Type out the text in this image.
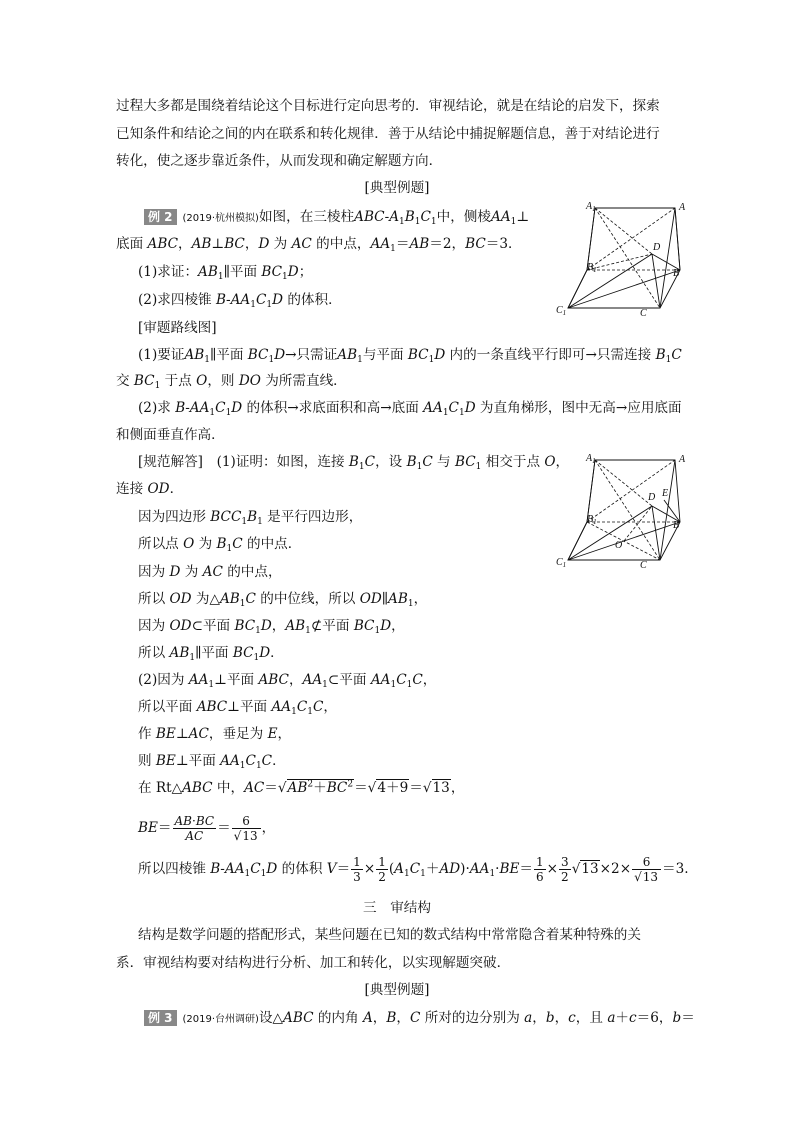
过程大多都是围绕着结论这个目标进行定向思考的．审视结论，就是在结论的启发下，探索
已知条件和结论之间的内在联系和转化规律．善于从结论中捕捉解题信息，善于对结论进行
转化，使之逐步靠近条件，从而发现和确定解题方向．
[典型例题]
例 2 (2019·杭州模拟)如图，在三棱柱ABC-$A_1B_1C_1$中，侧棱$AA_1\perp$
底面 ABC，AB⊥BC，D 为 AC 的中点，$AA_1=AB=2$，BC＝3．
(1)求证：$AB_1\parallel$平面 $BC_1D$；
(2)求四棱锥 $B-AA_1C_1D$ 的体积．
$A_1$	A
D
$B_1$	B
$C_1$	C
[审题路线图]
(1)要证$AB_1\parallel$平面 $BC_1D\to$只需证$AB_1$与平面 $BC_1D$ 内的一条直线平行即可→只需连接 $B_1C$
交 $BC_1$ 于点 O，则 DO 为所需直线．
(2)求 $B-AA_1C_1D$ 的体积→求底面积和高→底面 $AA_1C_1D$ 为直角梯形，图中无高→应用底面
和侧面垂直作高．
[规范解答]　 (1)证明：如图，连接 $B_1C$，设 $B_1C$ 与 $BC_1$ 相交于点 O，
连接 OD．
因为四边形 $BCC_1B_1$ 是平行四边形，
所以点 O 为 $B_1C$ 的中点．
因为 D 为 AC 的中点，
所以 OD 为$\triangle AB_1C$ 的中位线，所以 $OD\parallel AB_1$，
因为 OD⊂平面 $BC_1D$，$AB_1⊄$平面 $BC_1D$，
所以 $AB_1\parallel$平面 $BC_1D$．
(2)因为 $AA_1\perp$平面 ABC，$AA_1\subset$平面 $AA_1C_1C$，
所以平面 ABC⊥平面 $AA_1C_1C$，
作 BE⊥AC，垂足为 E，
则 BE⊥平面 $AA_1C_1C$．
在 Rt△ABC 中，$AC=√AB^2+BC^2=√4+9=√13$，
$BE= \frac{AB\cdot BC}{AC} = \frac{6}{√13}$ ，
所以四棱锥 $B-AA_1C_1D$ 的体积 $V= \frac{1}{3} \times \frac{1}{2} (A_1C_1+AD)\cdot AA_1\cdot BE= \frac{1}{6} \times \frac{3}{2} √13\times 2\times \frac{6}{√13} =3$.
$A_1$	A
D E
$B_1$	B
O
$C_1$	C
三　审结构
结构是数学问题的搭配形式，某些问题在已知的数式结构中常常隐含着某种特殊的关
系．审视结构要对结构进行分析、加工和转化，以实现解题突破．
[典型例题]
例 3 (2019·台州调研)设△ABC 的内角 A，B，C 所对的边分别为 a，b，c，且 a＋c＝6，b＝
